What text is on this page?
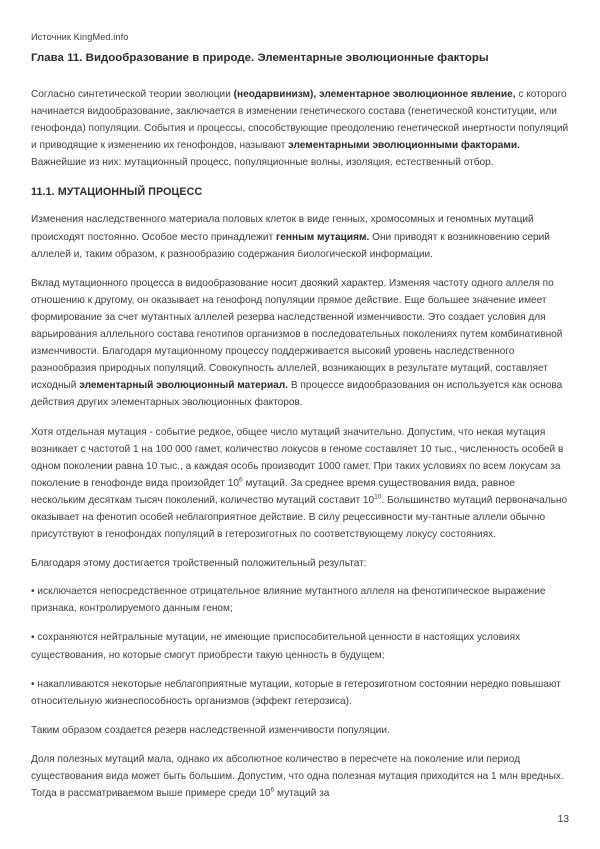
Источник KingMed.info
Глава 11. Видообразование в природе. Элементарные эволюционные факторы

Согласно синтетической теории эволюции (неодарвинизм), элементарное эволюционное явление, с которого начинается видообразование, заключается в изменении генетического состава (генетической конституции, или генофонда) популяции. События и процессы, способствующие преодолению генетической инертности популяций и приводящие к изменению их генофондов, называют элементарными эволюционными факторами. Важнейшие из них: мутационный процесс, популяционные волны, изоляция, естественный отбор.

11.1. МУТАЦИОННЫЙ ПРОЦЕСС

Изменения наследственного материала половых клеток в виде генных, хромосомных и геномных мутаций происходят постоянно. Особое место принадлежит генным мутациям. Они приводят к возникновению серий аллелей и, таким образом, к разнообразию содержания биологической информации.

Вклад мутационного процесса в видообразование носит двоякий характер. Изменяя частоту одного аллеля по отношению к другому, он оказывает на генофонд популяции прямое действие. Еще большее значение имеет формирование за счет мутантных аллелей резерва наследственной изменчивости. Это создает условия для варьирования аллельного состава генотипов организмов в последовательных поколениях путем комбинативной изменчивости. Благодаря мутационному процессу поддерживается высокий уровень наследственного разнообразия природных популяций. Совокупность аллелей, возникающих в результате мутаций, составляет исходный элементарный эволюционный материал. В процессе видообразования он используется как основа действия других элементарных эволюционных факторов.

Хотя отдельная мутация - событие редкое, общее число мутаций значительно. Допустим, что некая мутация возникает с частотой 1 на 100 000 гамет, количество локусов в геноме составляет 10 тыс., численность особей в одном поколении равна 10 тыс., а каждая особь производит 1000 гамет. При таких условиях по всем локусам за поколение в генофонде вида произойдет $10^6$ мутаций. За среднее время существования вида, равное нескольким десяткам тысяч поколений, количество мутаций составит $10^{10}$. Большинство мутаций первоначально оказывает на фенотип особей неблагоприятное действие. В силу рецессивности му-тантные аллели обычно присутствуют в генофондах популяций в гетерозиготных по соответствующему локусу состояниях.

Благодаря этому достигается тройственный положительный результат:

• исключается непосредственное отрицательное влияние мутантного аллеля на фенотипическое выражение признака, контролируемого данным геном;

• сохраняются нейтральные мутации, не имеющие приспособительной ценности в настоящих условиях существования, но которые смогут приобрести такую ценность в будущем;

• накапливаются некоторые неблагоприятные мутации, которые в гетерозиготном состоянии нередко повышают относительную жизнеспособность организмов (эффект гетерозиса).

Таким образом создается резерв наследственной изменчивости популяции.

Доля полезных мутаций мала, однако их абсолютное количество в пересчете на поколение или период существования вида может быть большим. Допустим, что одна полезная мутация приходится на 1 млн вредных. Тогда в рассматриваемом выше примере среди $10^6$ мутаций за

13
